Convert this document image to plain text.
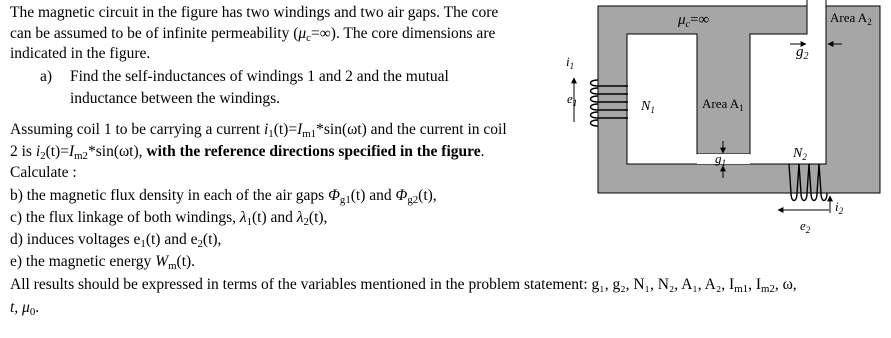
The magnetic circuit in the figure has two windings and two air gaps. The core
can be assumed to be of infinite permeability $(\mu_c=\infty)$. The core dimensions are
indicated in the figure.
a) Find the self-inductances of windings 1 and 2 and the mutual
inductance between the windings.
Assuming coil 1 to be carrying a current $i_1(t)=I_{m1}*\sin(\omega t)$ and the current in coil
2 is $i_2(t)=I_{m2}*\sin(\omega t)$, with the reference directions specified in the figure.
Calculate :
b) the magnetic flux density in each of the air gaps $\Phi_{g1}(t)$ and $\Phi_{g2}(t)$,
c) the flux linkage of both windings, $\lambda_1(t)$ and $\lambda_2(t)$,
d) induces voltages $e_1(t)$ and $e_2(t)$,
e) the magnetic energy $W_m(t)$.
All results should be expressed in terms of the variables mentioned in the problem statement: g₁, g₂, N₁, N₂, A₁, A₂, $I_{m1}$, $I_{m2}$, ω,
t, $\mu_0$.
$\mu_c=\infty$	Area $A_2$
Area $A_1$
$g_2$
$g_1$
$i_1$
$e_1$	$N_1$
$N_2$
$e_2$
$i_2$
